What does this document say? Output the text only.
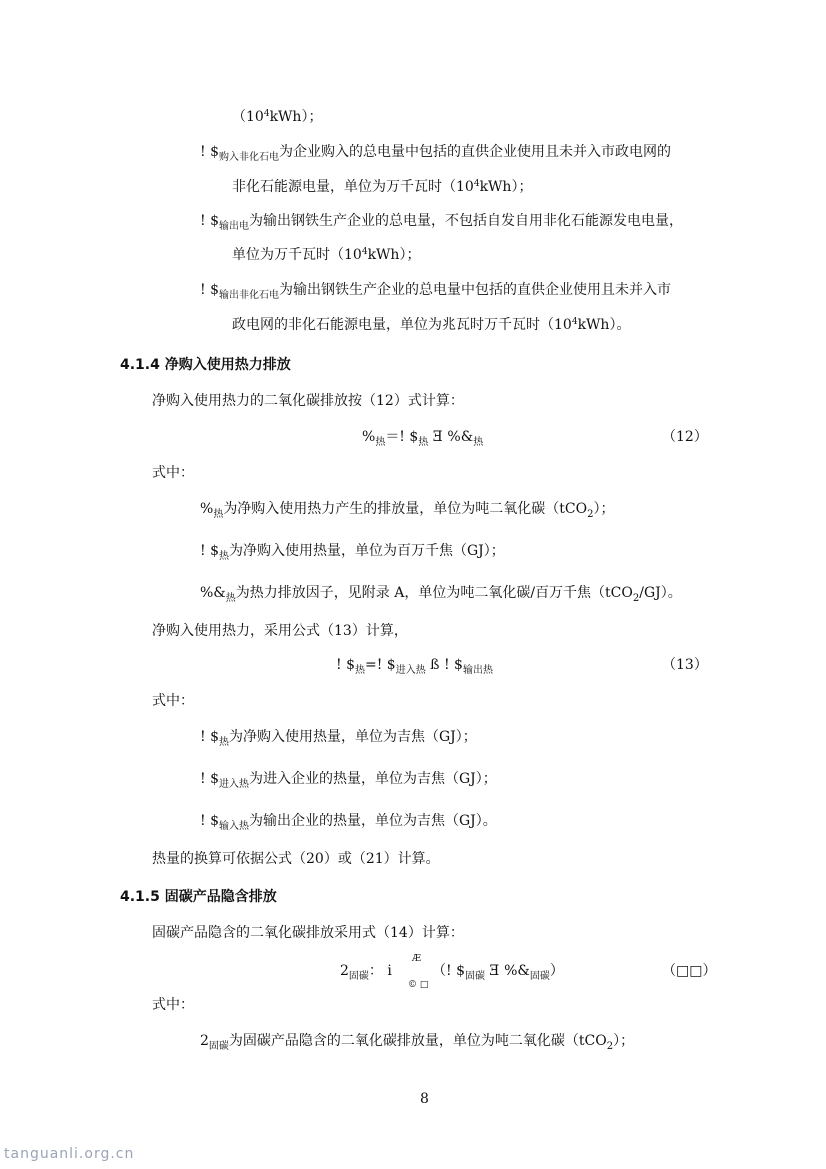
$(10^4kWh)$；
! $\$_{购入非化石电}$为企业购入的总电量中包括的直供企业使用且未并入市政电网的
非化石能源电量，单位为万千瓦时$(10^4kWh)$；
! $\$_{输出电}$为输出钢铁生产企业的总电量，不包括自发自用非化石能源发电电量，
单位为万千瓦时$(10^4kWh)$；
! $\$_{输出非化石电}$为输出钢铁生产企业的总电量中包括的直供企业使用且未并入市
政电网的非化石能源电量，单位为兆瓦时万千瓦时$(10^4kWh)$。
4.1.4 净购入使用热力排放
净购入使用热力的二氧化碳排放按（12）式计算：
$\%_热=$! $\$_热$ Ǝ $\%\&_热$	（12）
式中：
$\%_热$为净购入使用热力产生的排放量，单位为吨二氧化碳（tCO$_2$）；
! $\$_热$为净购入使用热量，单位为百万千焦（GJ）；
$\%\&_热$为热力排放因子，见附录 A，单位为吨二氧化碳/百万千焦（tCO$_2$/GJ）。
净购入使用热力，采用公式（13）计算，
! $\$_热=$! $\$_{进入热}$ ß ! $\$_{输出热}$	（13）
式中：
! $\$_热$为净购入使用热量，单位为吉焦（GJ）；
! $\$_{进入热}$为进入企业的热量，单位为吉焦（GJ）；
! $\$_{输入热}$为输出企业的热量，单位为吉焦（GJ）。
热量的换算可依据公式（20）或（21）计算。
4.1.5 固碳产品隐含排放
固碳产品隐含的二氧化碳排放采用式（14）计算：
$2_{固碳}$： i
Æ
© □
（! $\$_{固碳}$ Ǝ $\%\&_{固碳}$）	（□□）
式中：
$2_{固碳}$为固碳产品隐含的二氧化碳排放量，单位为吨二氧化碳（tCO$_2$）；
8
tanguanli.org.cn
